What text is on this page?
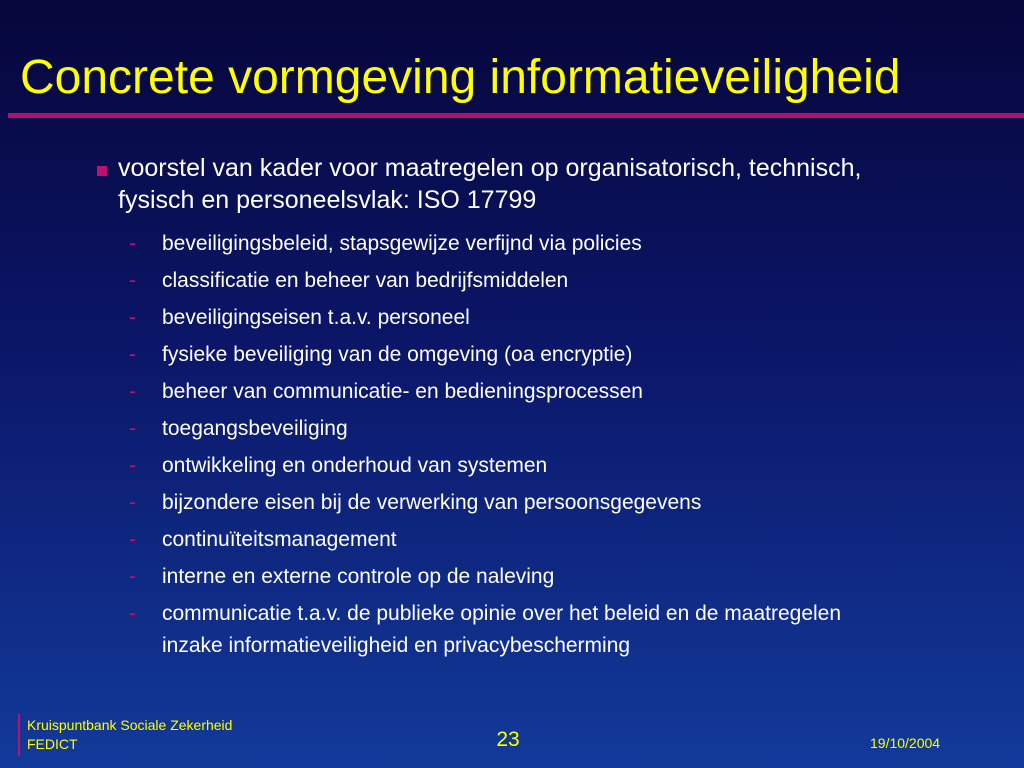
Concrete vormgeving informatieveiligheid
voorstel van kader voor maatregelen op organisatorisch, technisch, fysisch en personeelsvlak: ISO 17799
- beveiligingsbeleid, stapsgewijze verfijnd via policies
- classificatie en beheer van bedrijfsmiddelen
- beveiligingseisen t.a.v. personeel
- fysieke beveiliging van de omgeving (oa encryptie)
- beheer van communicatie- en bedieningsprocessen
- toegangsbeveiliging
- ontwikkeling en onderhoud van systemen
- bijzondere eisen bij de verwerking van persoonsgegevens
- continuïteitsmanagement
- interne en externe controle op de naleving
- communicatie t.a.v. de publieke opinie over het beleid en de maatregelen inzake informatieveiligheid en privacybescherming
Kruispuntbank Sociale Zekerheid
FEDICT	23	19/10/2004
